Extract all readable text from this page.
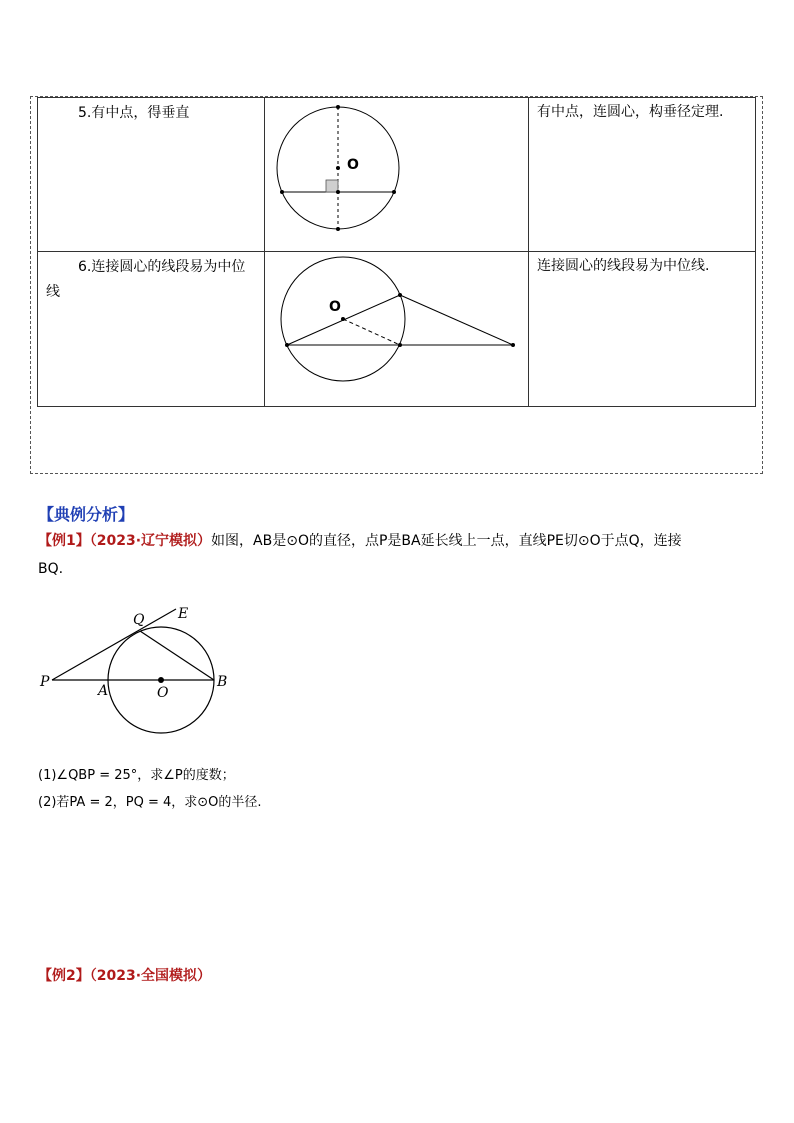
5.有中点，得垂直	O	有中点，连圆心，构垂径定理.

6.连接圆心的线段易为中位线	O	连接圆心的线段易为中位线.
【典例分析】
【例1】（2023·辽宁模拟）如图，AB是⊙O的直径，点P是BA延长线上一点，直线PE切⊙O于点Q，连接
BQ.
P
A	O
B
Q E
(1)∠QBP = 25°，求∠P的度数；
(2)若PA = 2，PQ = 4，求⊙O的半径.
【例2】（2023·全国模拟）
